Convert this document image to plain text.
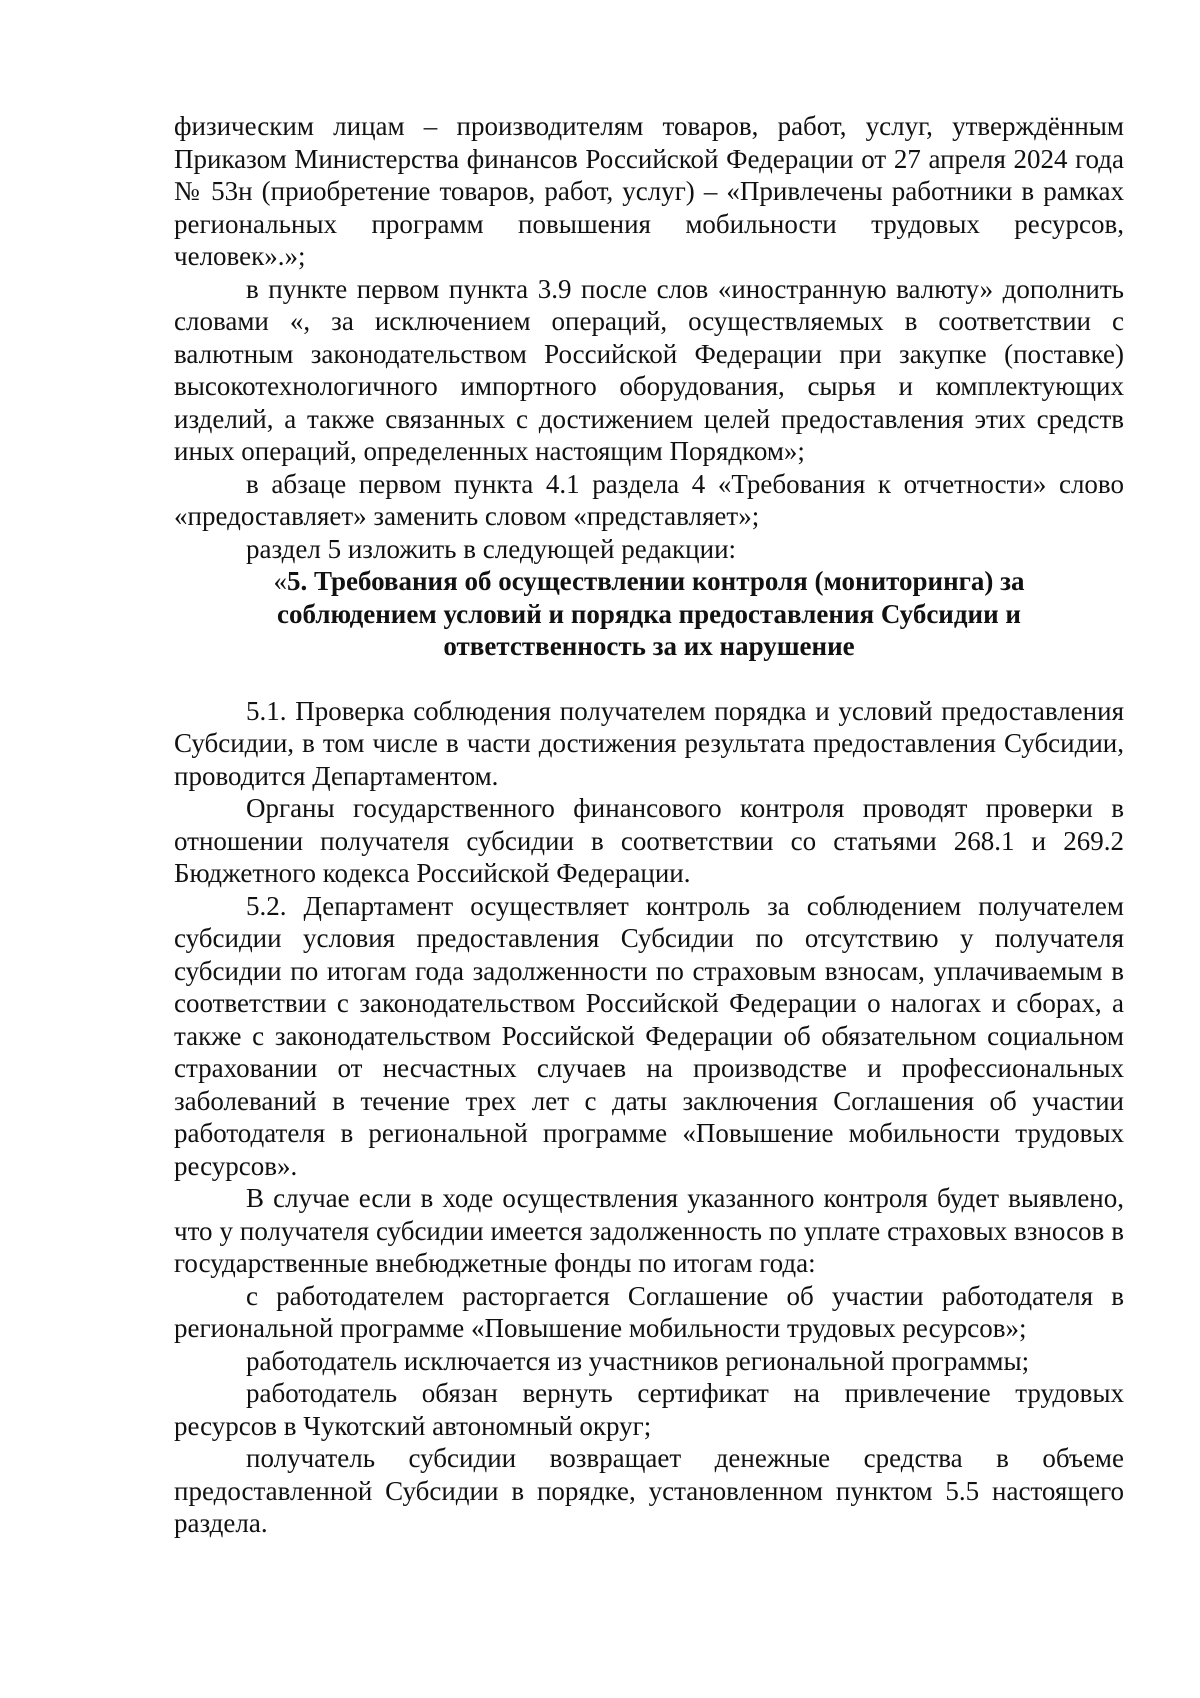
физическим лицам – производителям товаров, работ, услуг, утверждённым Приказом Министерства финансов Российской Федерации от 27 апреля 2024 года № 53н (приобретение товаров, работ, услуг) – «Привлечены работники в рамках региональных программ повышения мобильности трудовых ресурсов, человек».»;

в пункте первом пункта 3.9 после слов «иностранную валюту» дополнить словами «, за исключением операций, осуществляемых в соответствии с валютным законодательством Российской Федерации при закупке (поставке) высокотехнологичного импортного оборудования, сырья и комплектующих изделий, а также связанных с достижением целей предоставления этих средств иных операций, определенных настоящим Порядком»;

в абзаце первом пункта 4.1 раздела 4 «Требования к отчетности» слово «предоставляет» заменить словом «представляет»;

раздел 5 изложить в следующей редакции:

«5. Требования об осуществлении контроля (мониторинга) за соблюдением условий и порядка предоставления Субсидии и ответственность за их нарушение

5.1. Проверка соблюдения получателем порядка и условий предоставления Субсидии, в том числе в части достижения результата предоставления Субсидии, проводится Департаментом.

Органы государственного финансового контроля проводят проверки в отношении получателя субсидии в соответствии со статьями 268.1 и 269.2 Бюджетного кодекса Российской Федерации.

5.2. Департамент осуществляет контроль за соблюдением получателем субсидии условия предоставления Субсидии по отсутствию у получателя субсидии по итогам года задолженности по страховым взносам, уплачиваемым в соответствии с законодательством Российской Федерации о налогах и сборах, а также с законодательством Российской Федерации об обязательном социальном страховании от несчастных случаев на производстве и профессиональных заболеваний в течение трех лет с даты заключения Соглашения об участии работодателя в региональной программе «Повышение мобильности трудовых ресурсов».

В случае если в ходе осуществления указанного контроля будет выявлено, что у получателя субсидии имеется задолженность по уплате страховых взносов в государственные внебюджетные фонды по итогам года:

с работодателем расторгается Соглашение об участии работодателя в региональной программе «Повышение мобильности трудовых ресурсов»;

работодатель исключается из участников региональной программы;

работодатель обязан вернуть сертификат на привлечение трудовых ресурсов в Чукотский автономный округ;

получатель субсидии возвращает денежные средства в объеме предоставленной Субсидии в порядке, установленном пунктом 5.5 настоящего раздела.
